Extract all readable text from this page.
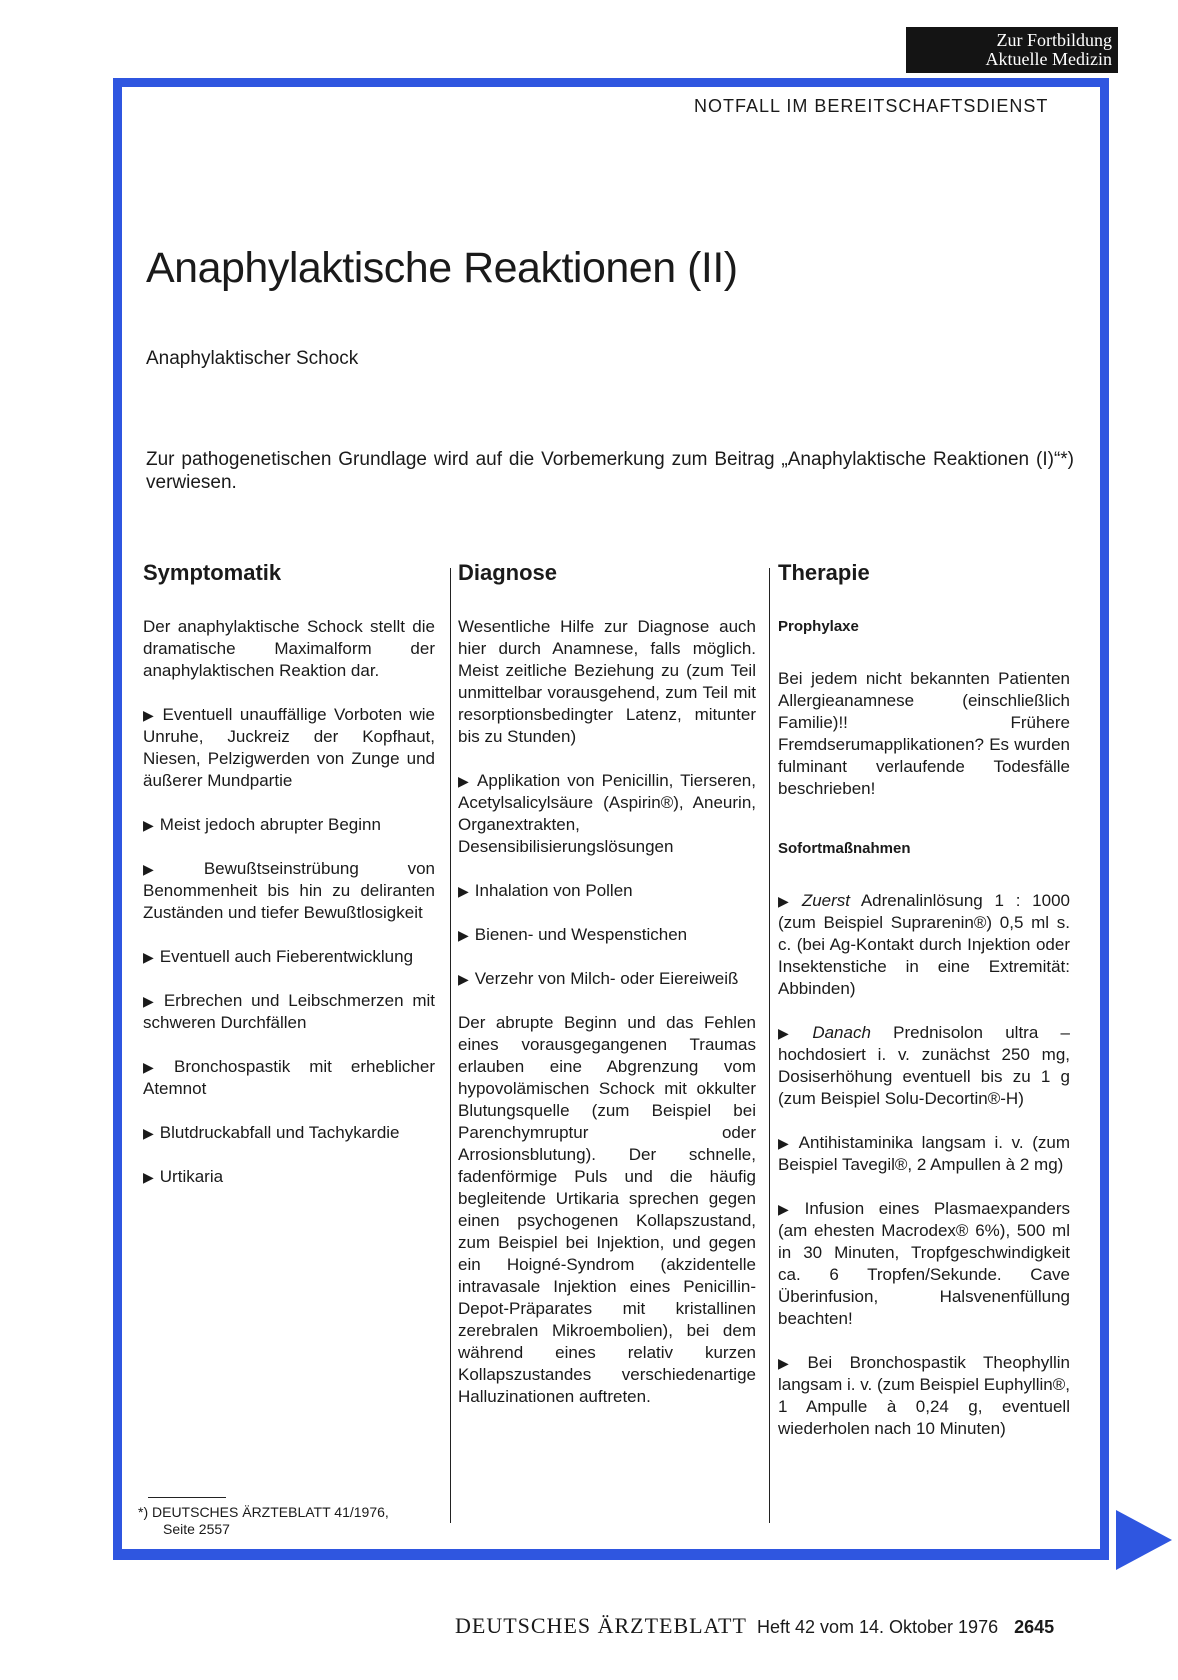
Zur Fortbildung
Aktuelle Medizin
NOTFALL IM BEREITSCHAFTSDIENST
Anaphylaktische Reaktionen (II)
Anaphylaktischer Schock
Zur pathogenetischen Grundlage wird auf die Vorbemerkung zum Beitrag „Anaphylaktische Reaktionen (I)“*) verwiesen.
Symptomatik

Der anaphylaktische Schock stellt die dramatische Maximalform der anaphylaktischen Reaktion dar.

▶ Eventuell unauffällige Vorboten wie Unruhe, Juckreiz der Kopfhaut, Niesen, Pelzigwerden von Zunge und äußerer Mundpartie

▶ Meist jedoch abrupter Beginn

▶ Bewußtseinstrübung von Benommenheit bis hin zu deliranten Zuständen und tiefer Bewußtlosigkeit

▶ Eventuell auch Fieberentwicklung

▶ Erbrechen und Leibschmerzen mit schweren Durchfällen

▶ Bronchospastik mit erheblicher Atemnot

▶ Blutdruckabfall und Tachykardie

▶ Urtikaria

Diagnose

Wesentliche Hilfe zur Diagnose auch hier durch Anamnese, falls möglich. Meist zeitliche Beziehung zu (zum Teil unmittelbar vorausgehend, zum Teil mit resorptionsbedingter Latenz, mitunter bis zu Stunden)

▶ Applikation von Penicillin, Tierseren, Acetylsalicylsäure (Aspirin®), Aneurin, Organextrakten, Desensibilisierungslösungen

▶ Inhalation von Pollen

▶ Bienen- und Wespenstichen

▶ Verzehr von Milch- oder Eiereiweiß

Der abrupte Beginn und das Fehlen eines vorausgegangenen Traumas erlauben eine Abgrenzung vom hypovolämischen Schock mit okkulter Blutungsquelle (zum Beispiel bei Parenchymruptur oder Arrosionsblutung). Der schnelle, fadenförmige Puls und die häufig begleitende Urtikaria sprechen gegen einen psychogenen Kollapszustand, zum Beispiel bei Injektion, und gegen ein Hoigné-Syndrom (akzidentelle intravasale Injektion eines Penicillin-Depot-Präparates mit kristallinen zerebralen Mikroembolien), bei dem während eines relativ kurzen Kollapszustandes verschiedenartige Halluzinationen auftreten.

Therapie

Prophylaxe

Bei jedem nicht bekannten Patienten Allergieanamnese (einschließlich Familie)!! Frühere Fremdserumapplikationen? Es wurden fulminant verlaufende Todesfälle beschrieben!

Sofortmaßnahmen

▶ Zuerst Adrenalinlösung 1 : 1000 (zum Beispiel Suprarenin®) 0,5 ml s. c. (bei Ag-Kontakt durch Injektion oder Insektenstiche in eine Extremität: Abbinden)

▶ Danach Prednisolon ultra – hochdosiert i. v. zunächst 250 mg, Dosiserhöhung eventuell bis zu 1 g (zum Beispiel Solu-Decortin®-H)

▶ Antihistaminika langsam i. v. (zum Beispiel Tavegil®, 2 Ampullen à 2 mg)

▶ Infusion eines Plasmaexpanders (am ehesten Macrodex® 6%), 500 ml in 30 Minuten, Tropfgeschwindigkeit ca. 6 Tropfen/Sekunde. Cave Überinfusion, Halsvenenfüllung beachten!

▶ Bei Bronchospastik Theophyllin langsam i. v. (zum Beispiel Euphyllin®, 1 Ampulle à 0,24 g, eventuell wiederholen nach 10 Minuten)

*) DEUTSCHES ÄRZTEBLATT 41/1976,
Seite 2557
DEUTSCHES ÄRZTEBLATT Heft 42 vom 14. Oktober 1976 2645
